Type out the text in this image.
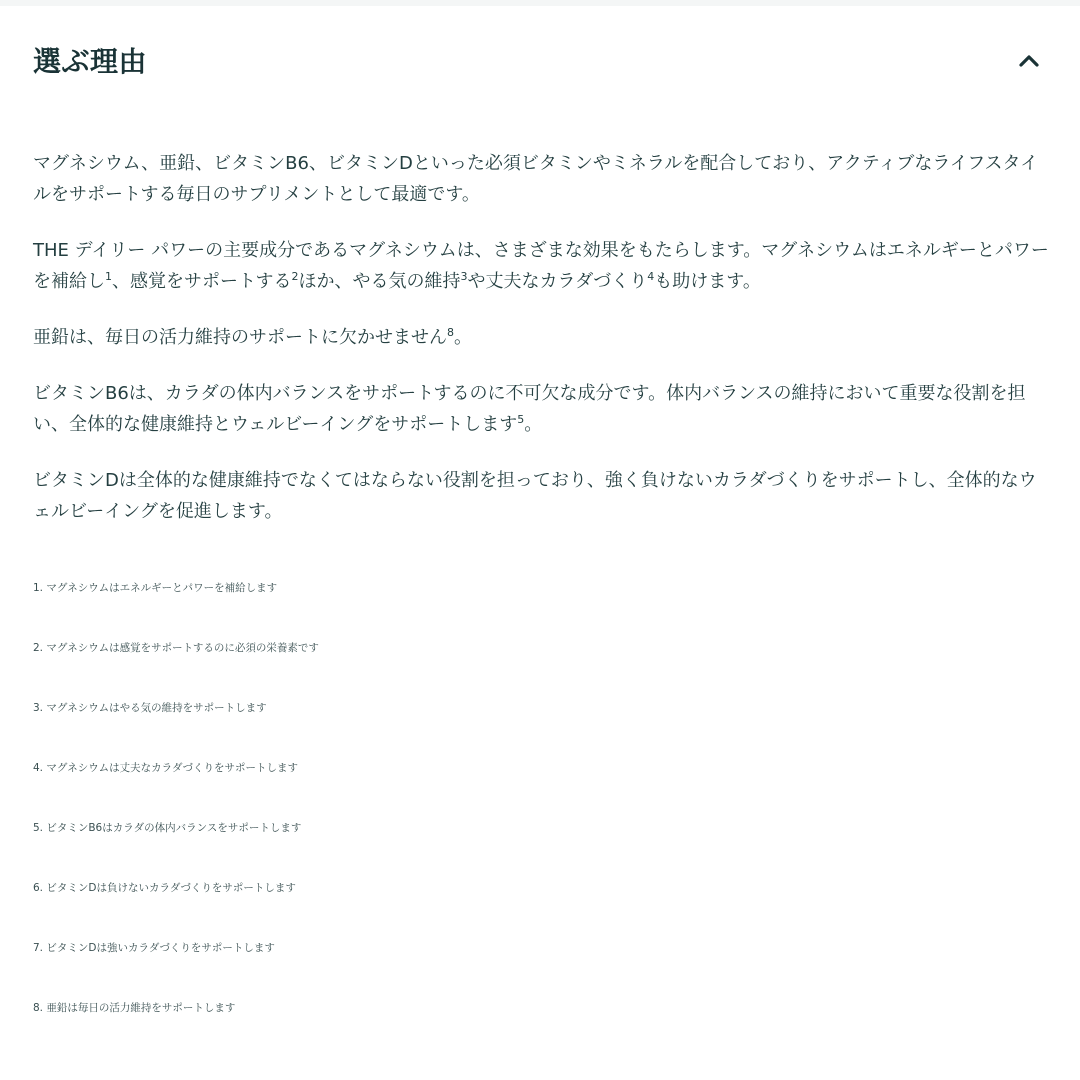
選ぶ理由

マグネシウム、亜鉛、ビタミンB6、ビタミンDといった必須ビタミンやミネラルを配合しており、アクティブなライフスタイルをサポートする毎日のサプリメントとして最適です。

THE デイリー パワーの主要成分であるマグネシウムは、さまざまな効果をもたらします。マグネシウムはエネルギーとパワーを補給し$^1$、感覚をサポートする$^2$ほか、やる気の維持$^3$や丈夫なカラダづくり$^4$も助けます。

亜鉛は、毎日の活力維持のサポートに欠かせません$^8$。

ビタミンB6は、カラダの体内バランスをサポートするのに不可欠な成分です。体内バランスの維持において重要な役割を担い、全体的な健康維持とウェルビーイングをサポートします$^5$。

ビタミンDは全体的な健康維持でなくてはならない役割を担っており、強く負けないカラダづくりをサポートし、全体的なウェルビーイングを促進します。

1. マグネシウムはエネルギーとパワーを補給します
2. マグネシウムは感覚をサポートするのに必須の栄養素です
3. マグネシウムはやる気の維持をサポートします
4. マグネシウムは丈夫なカラダづくりをサポートします
5. ビタミンB6はカラダの体内バランスをサポートします
6. ビタミンDは負けないカラダづくりをサポートします
7. ビタミンDは強いカラダづくりをサポートします
8. 亜鉛は毎日の活力維持をサポートします
